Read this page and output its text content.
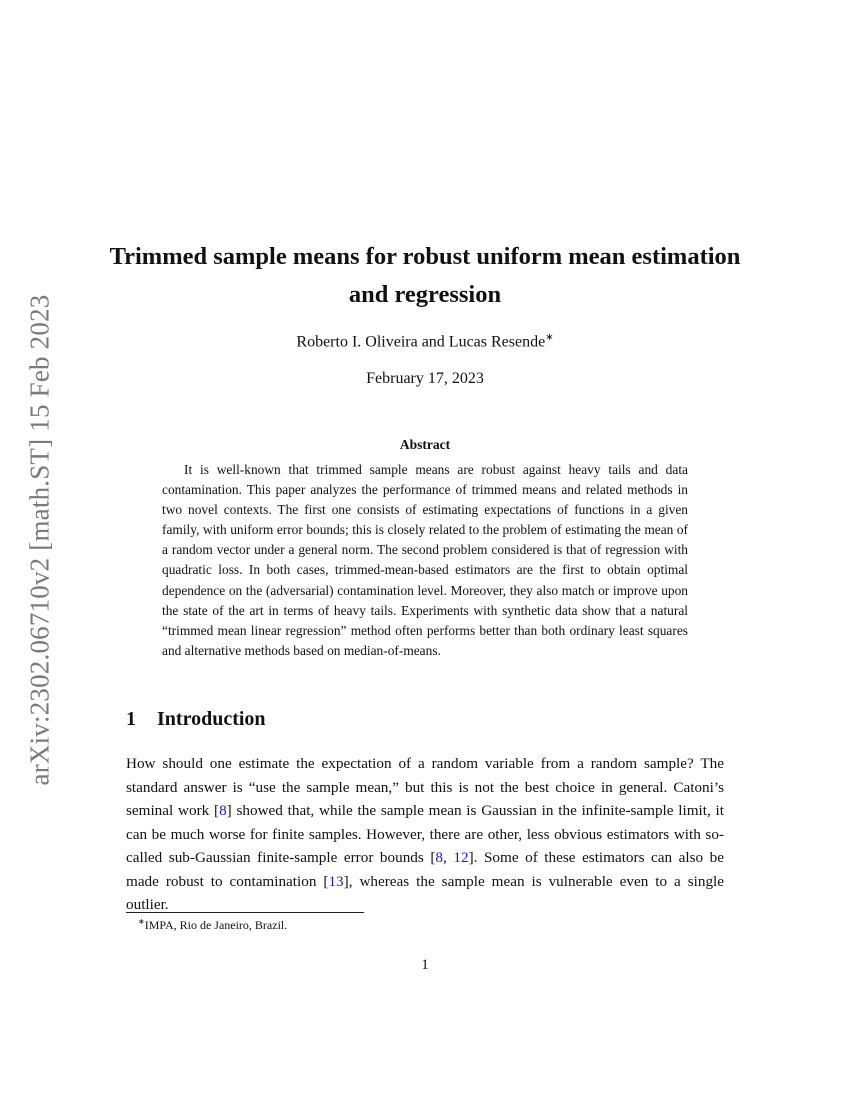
arXiv:2302.06710v2 [math.ST] 15 Feb 2023
Trimmed sample means for robust uniform mean estimation
and regression
Roberto I. Oliveira and Lucas Resende∗
February 17, 2023
Abstract

It is well-known that trimmed sample means are robust against heavy tails and data contamination. This paper analyzes the performance of trimmed means and related methods in two novel contexts. The first one consists of estimating expectations of functions in a given family, with uniform error bounds; this is closely related to the problem of estimating the mean of a random vector under a general norm. The second problem considered is that of regression with quadratic loss. In both cases, trimmed-mean-based estimators are the first to obtain optimal dependence on the (adversarial) contamination level. Moreover, they also match or improve upon the state of the art in terms of heavy tails. Experiments with synthetic data show that a natural “trimmed mean linear regression” method often performs better than both ordinary least squares and alternative methods based on median-of-means.

1 Introduction

How should one estimate the expectation of a random variable from a random sample? The standard answer is “use the sample mean,” but this is not the best choice in general. Catoni’s seminal work [8] showed that, while the sample mean is Gaussian in the infinite-sample limit, it can be much worse for finite samples. However, there are other, less obvious estimators with so-called sub-Gaussian finite-sample error bounds [8, 12]. Some of these estimators can also be made robust to contamination [13], whereas the sample mean is vulnerable even to a single outlier.

∗IMPA, Rio de Janeiro, Brazil.
1
